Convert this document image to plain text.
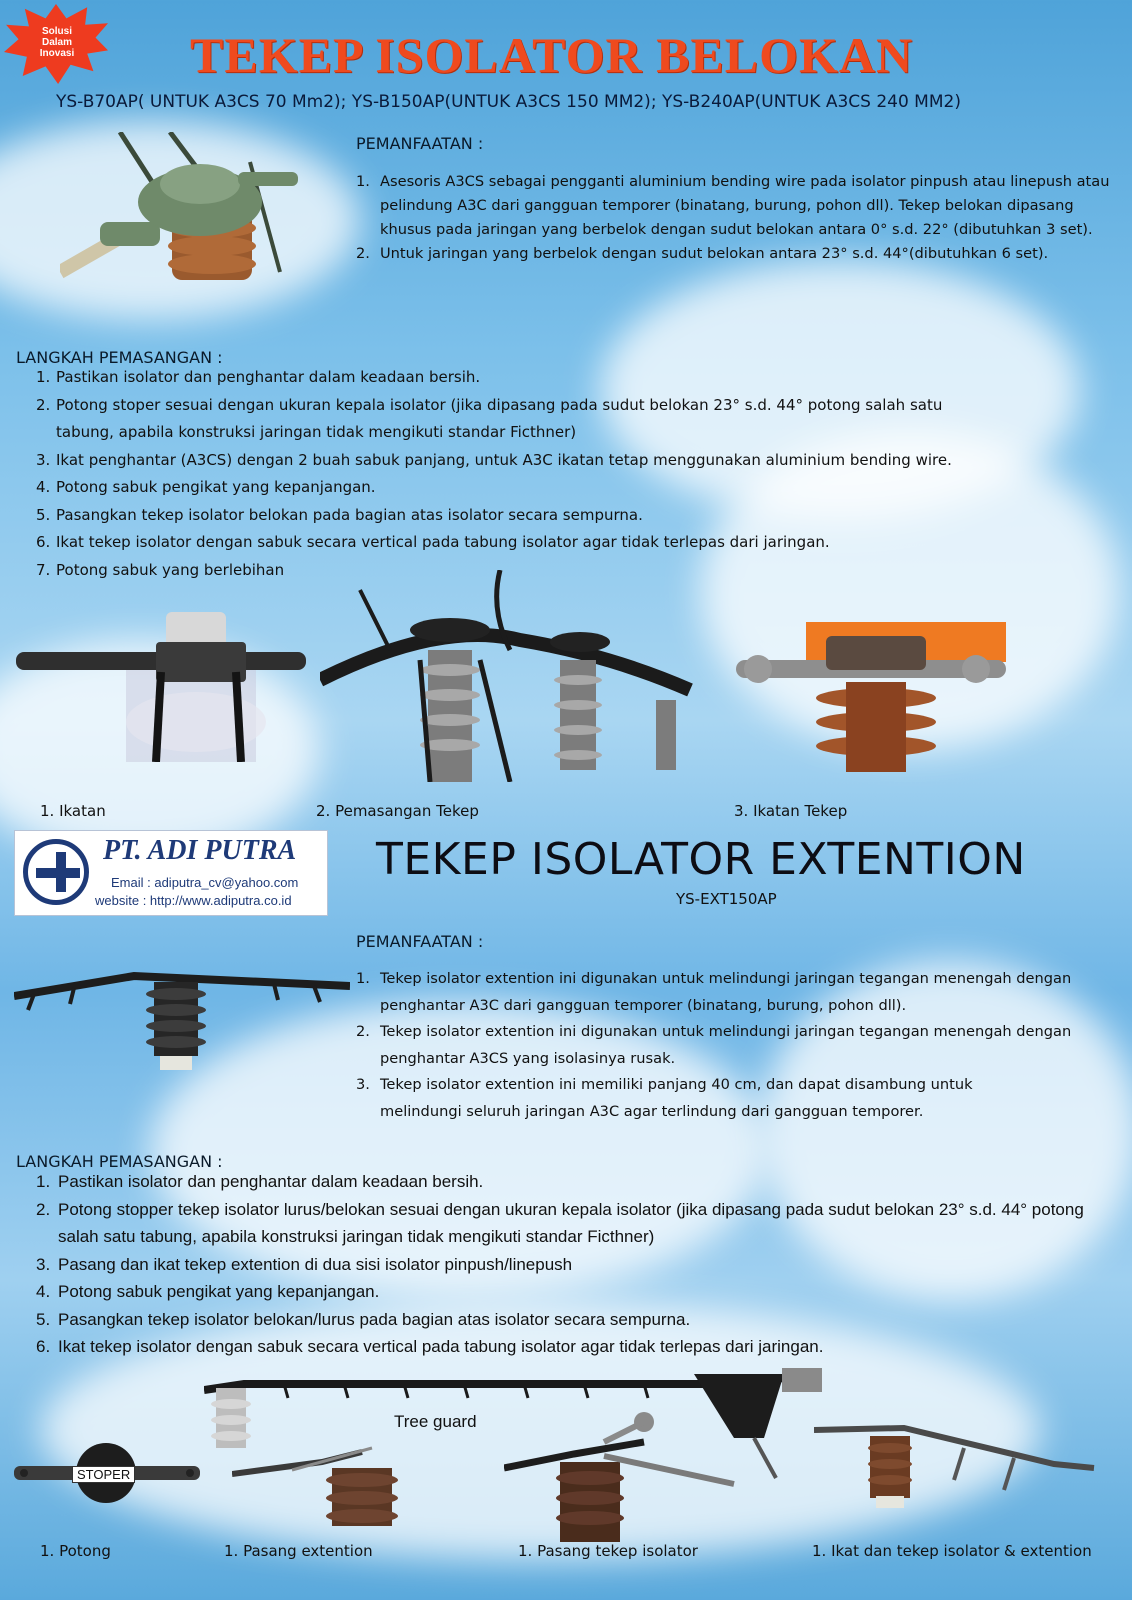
Solusi Dalam Inovasi TEKEP ISOLATOR BELOKAN
YS-B70AP( UNTUK A3CS 70 Mm2); YS-B150AP(UNTUK A3CS 150 MM2); YS-B240AP(UNTUK A3CS 240 MM2)
PEMANFAATAN :
1. Asesoris A3CS sebagai pengganti aluminium bending wire pada isolator pinpush atau linepush atau pelindung A3C dari gangguan temporer (binatang, burung, pohon dll). Tekep belokan dipasang khusus pada jaringan yang berbelok dengan sudut belokan antara 0° s.d. 22° (dibutuhkan 3 set).
2. Untuk jaringan yang berbelok dengan sudut belokan antara 23° s.d. 44°(dibutuhkan 6 set).
LANGKAH PEMASANGAN :
1. Pastikan isolator dan penghantar dalam keadaan bersih.
2. Potong stoper sesuai dengan ukuran kepala isolator (jika dipasang pada sudut belokan 23° s.d. 44° potong salah satu tabung, apabila konstruksi jaringan tidak mengikuti standar Ficthner)
3. Ikat penghantar (A3CS) dengan 2 buah sabuk panjang, untuk A3C ikatan tetap menggunakan aluminium bending wire.
4. Potong sabuk pengikat yang kepanjangan.
5. Pasangkan tekep isolator belokan pada bagian atas isolator secara sempurna.
6. Ikat tekep isolator dengan sabuk secara vertical pada tabung isolator agar tidak terlepas dari jaringan.
7. Potong sabuk yang berlebihan
1. Ikatan	2. Pemasangan Tekep	3. Ikatan Tekep
PT. ADI PUTRA
Email : adiputra_cv@yahoo.com
website : http://www.adiputra.co.id
TEKEP ISOLATOR EXTENTION
YS-EXT150AP
PEMANFAATAN :
1. Tekep isolator extention ini digunakan untuk melindungi jaringan tegangan menengah dengan penghantar A3C dari gangguan temporer (binatang, burung, pohon dll).
2. Tekep isolator extention ini digunakan untuk melindungi jaringan tegangan menengah dengan penghantar A3CS yang isolasinya rusak.
3. Tekep isolator extention ini memiliki panjang 40 cm, dan dapat disambung untuk melindungi seluruh jaringan A3C agar terlindung dari gangguan temporer.
LANGKAH PEMASANGAN :
1. Pastikan isolator dan penghantar dalam keadaan bersih.
2. Potong stopper tekep isolator lurus/belokan sesuai dengan ukuran kepala isolator (jika dipasang pada sudut belokan 23° s.d. 44° potong salah satu tabung, apabila konstruksi jaringan tidak mengikuti standar Ficthner)
3. Pasang dan ikat tekep extention di dua sisi isolator pinpush/linepush
4. Potong sabuk pengikat yang kepanjangan.
5. Pasangkan tekep isolator belokan/lurus pada bagian atas isolator secara sempurna.
6. Ikat tekep isolator dengan sabuk secara vertical pada tabung isolator agar tidak terlepas dari jaringan.
Tree guard
STOPER
1. Potong	1. Pasang extention	1. Pasang tekep isolator	1. Ikat dan tekep isolator & extention
